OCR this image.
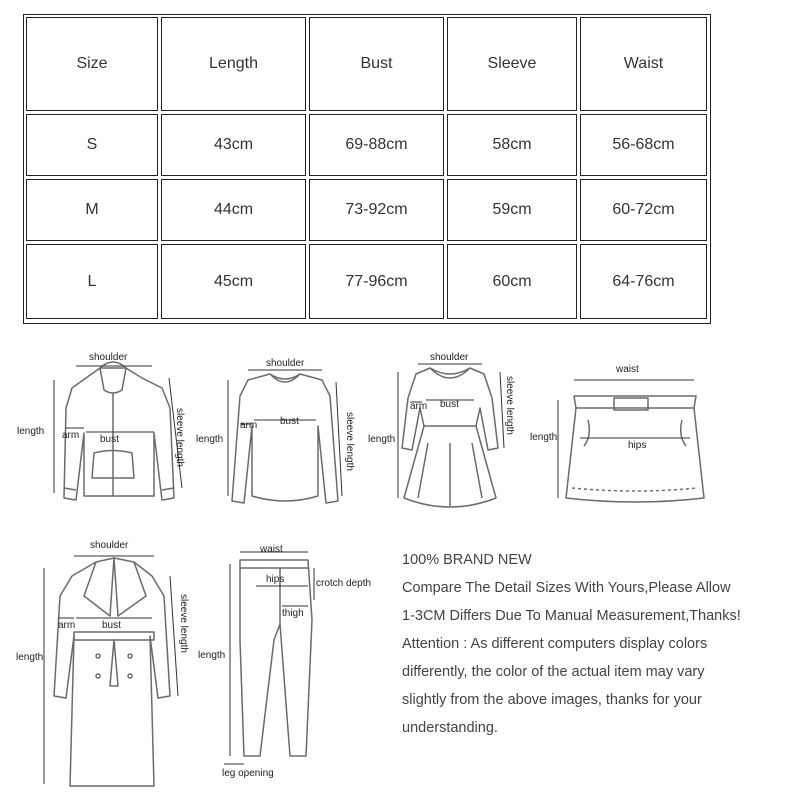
Size	Length	Bust	Sleeve	Waist
S	43cm	69-88cm	58cm	56-68cm
M	44cm	73-92cm	59cm	60-72cm
L	45cm	77-96cm	60cm	64-76cm
shoulder
length arm bust	sleeve length
shoulder
length
arm bust	sleeve length
shoulder
length
arm bust	sleeve length
waist
length
hips
shoulder
length
arm	bust	sleeve length
waist
hips	crotch depth
thigh
length
leg opening

100% BRAND NEW

Compare The Detail Sizes With Yours,Please Allow

1-3CM Differs Due To Manual Measurement,Thanks!

Attention : As different computers display colors

differently, the color of the actual item may vary

slightly from the above images, thanks for your

understanding.
